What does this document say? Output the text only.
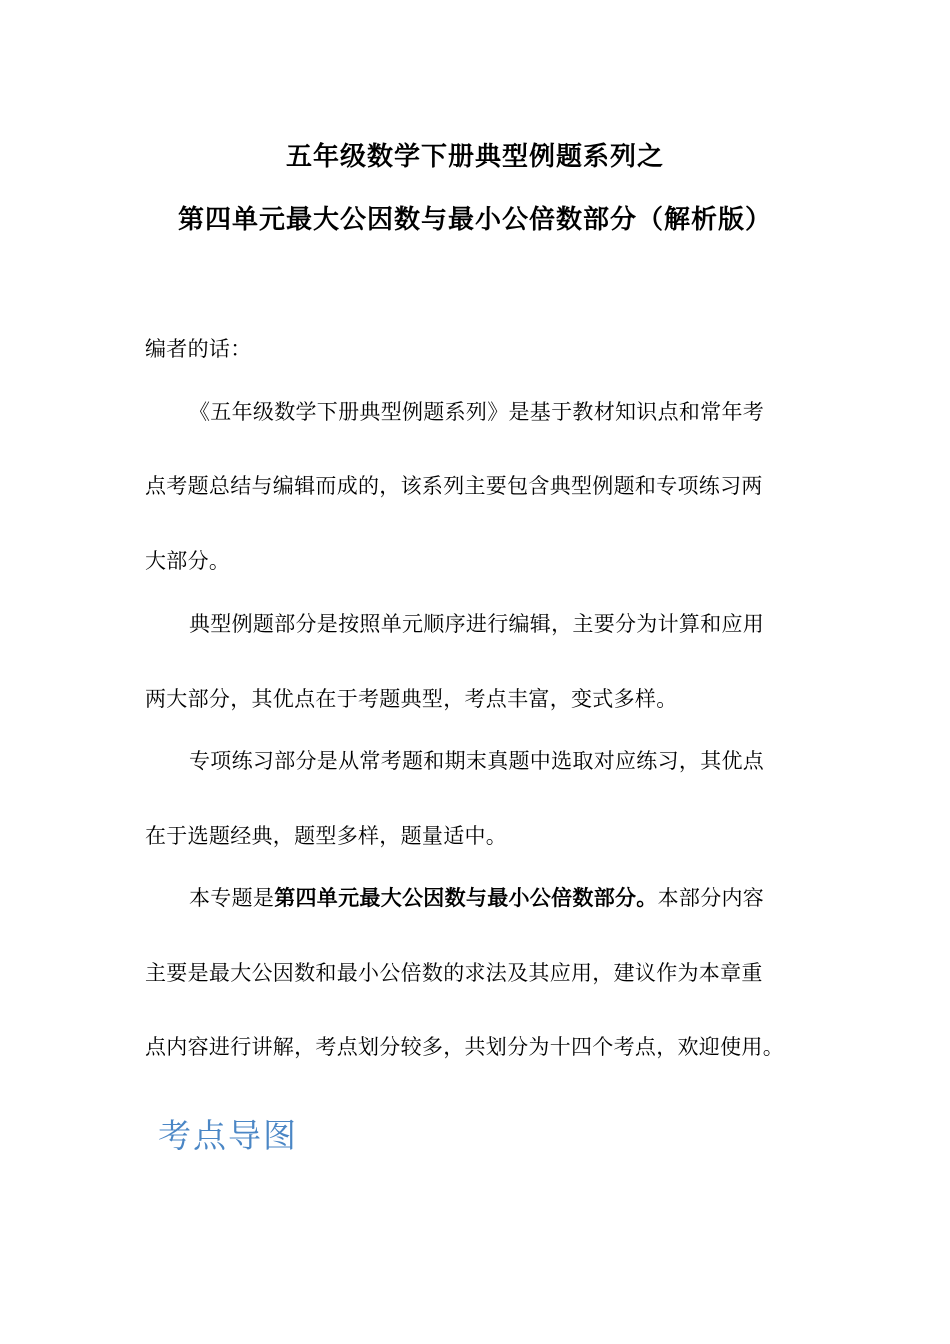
五年级数学下册典型例题系列之
第四单元最大公因数与最小公倍数部分（解析版）
编者的话：
《五年级数学下册典型例题系列》是基于教材知识点和常年考
点考题总结与编辑而成的，该系列主要包含典型例题和专项练习两
大部分。
典型例题部分是按照单元顺序进行编辑，主要分为计算和应用
两大部分，其优点在于考题典型，考点丰富，变式多样。
专项练习部分是从常考题和期末真题中选取对应练习，其优点
在于选题经典，题型多样，题量适中。
本专题是第四单元最大公因数与最小公倍数部分。本部分内容
主要是最大公因数和最小公倍数的求法及其应用，建议作为本章重
点内容进行讲解，考点划分较多，共划分为十四个考点，欢迎使用。
考点导图
